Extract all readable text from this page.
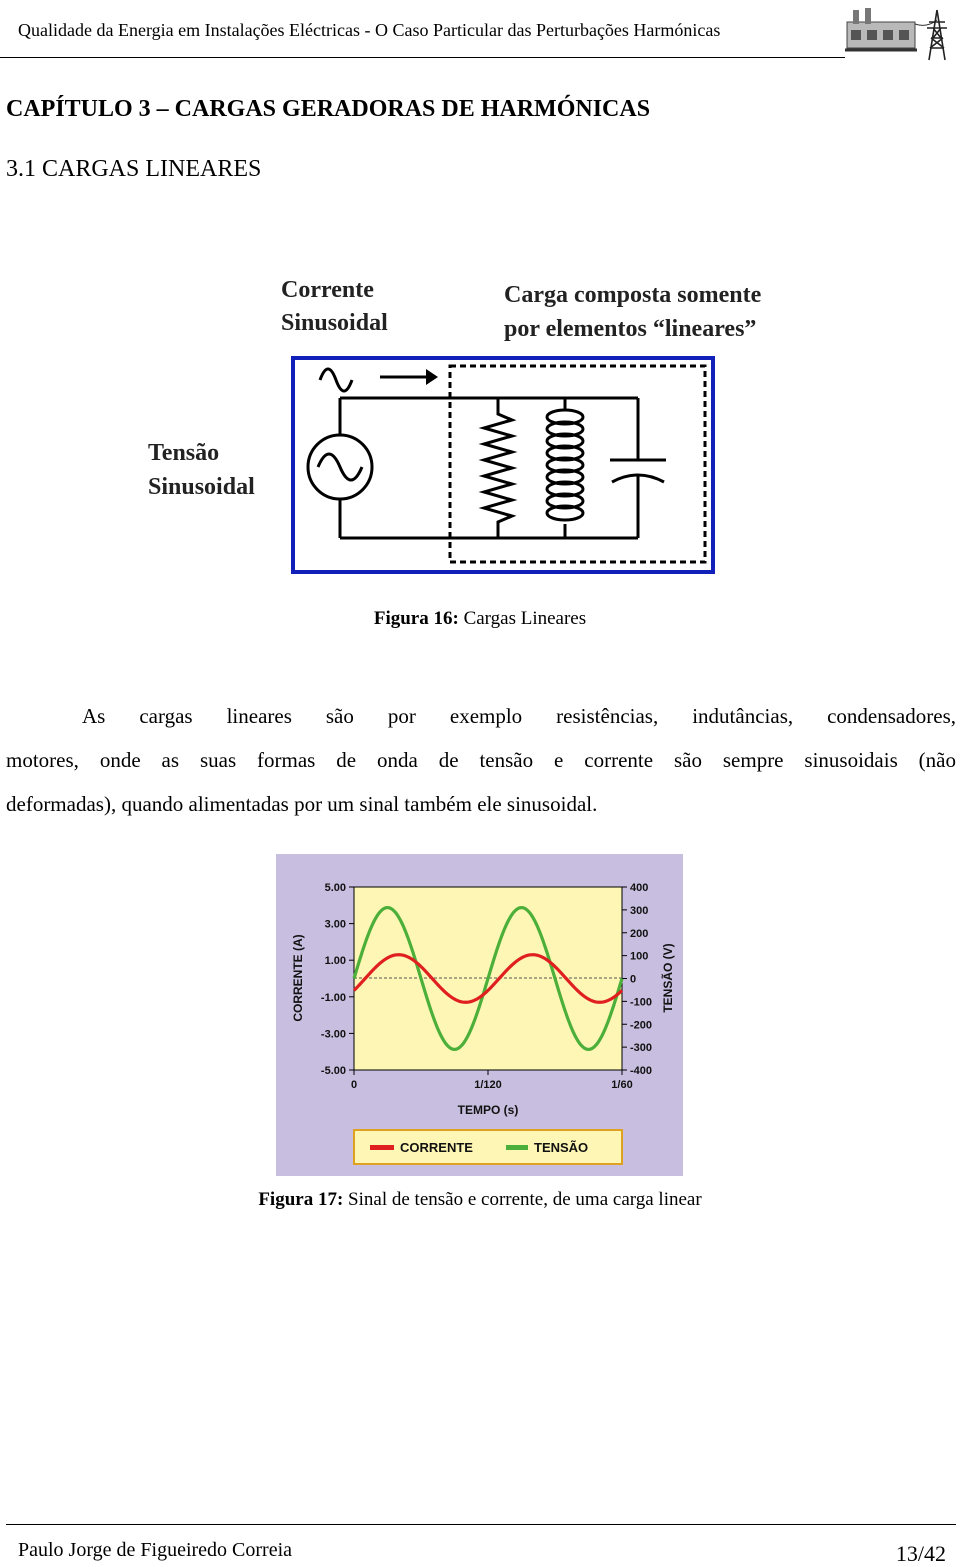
Qualidade da Energia em Instalações Eléctricas - O Caso Particular das Perturbações Harmónicas
CAPÍTULO 3 – CARGAS GERADORAS DE HARMÓNICAS
3.1 CARGAS LINEARES
Corrente
Sinusoidal
Carga composta somente
por elementos “lineares”
Tensão
Sinusoidal
Figura 16: Cargas Lineares
As cargas lineares são por exemplo resistências, indutâncias, condensadores,
motores, onde as suas formas de onda de tensão e corrente são sempre sinusoidais (não
deformadas), quando alimentadas por um sinal também ele sinusoidal.
5.00
3.00
1.00
-1.00
-3.00
-5.00
400
300
200
100
0
-100
-200
-300
-400
0	1/120	1/60
CORRENTE (A)	TENSÃO (V)
TEMPO (s)
CORRENTE	TENSÃO
Figura 17: Sinal de tensão e corrente, de uma carga linear
Paulo Jorge de Figueiredo Correia	13/42
